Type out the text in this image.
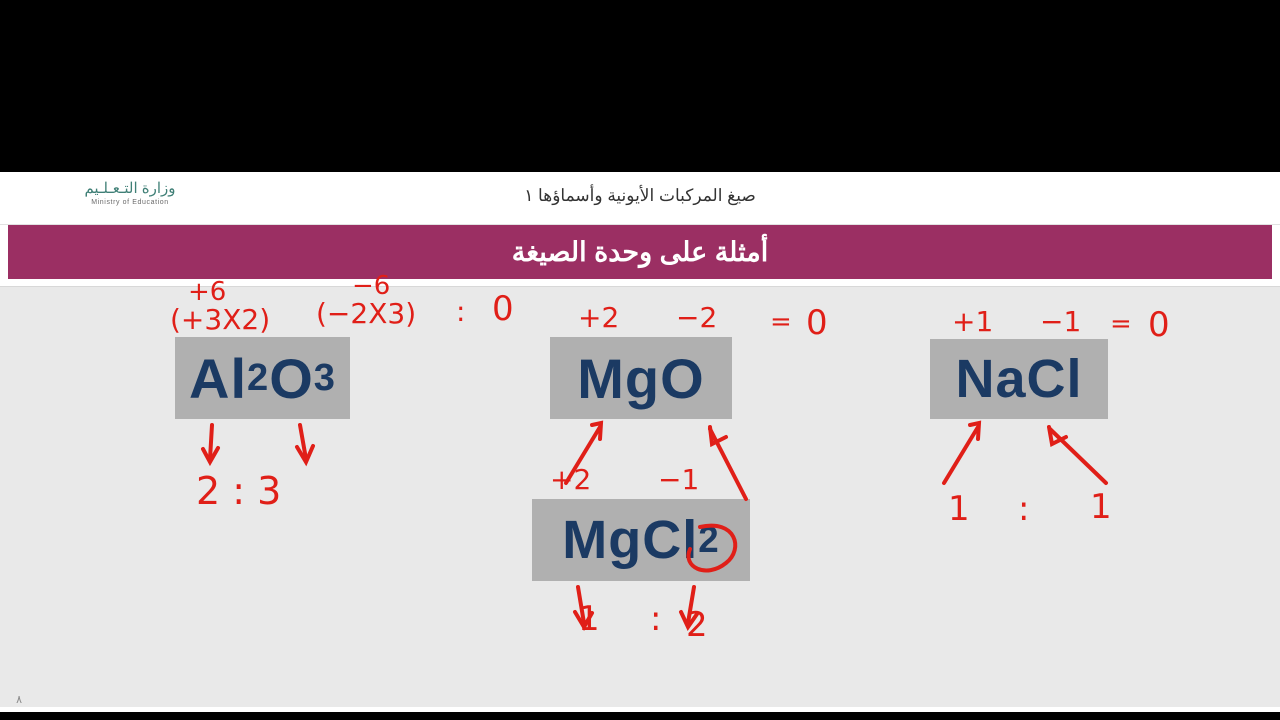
وزارة التـعـلـيم
Ministry of Education	صيغ المركبات الأيونية وأسماؤها ١
أمثلة على وحدة الصيغة
Al 2 O 3
+6
(+3X2)
−6
(−2X3) : 0
2 : 3
MgO
+2 −2 = 0
NaCl
+1 −1 = 0
1 : 1
MgCl 2
+2 −1
1 : 2
٨
